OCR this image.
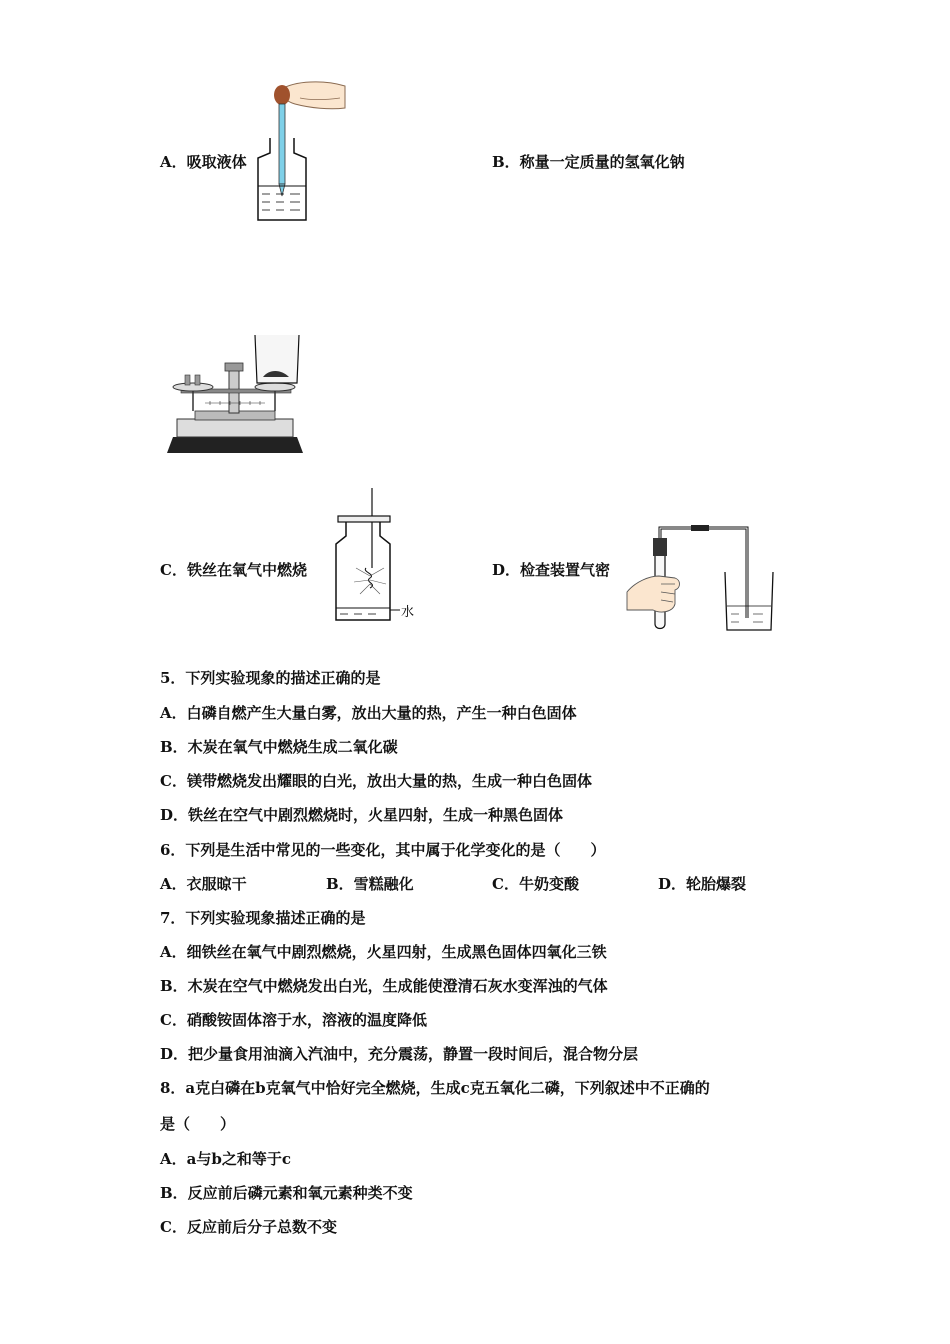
A．吸取液体	B．称量一定质量的氢氧化钠
水
C．铁丝在氧气中燃烧	D．检查装置气密
5．下列实验现象的描述正确的是
A．白磷自燃产生大量白雾，放出大量的热，产生一种白色固体
B．木炭在氧气中燃烧生成二氧化碳
C．镁带燃烧发出耀眼的白光，放出大量的热，生成一种白色固体
D．铁丝在空气中剧烈燃烧时，火星四射，生成一种黑色固体
6．下列是生活中常见的一些变化，其中属于化学变化的是（　　）
A．衣服晾干	B．雪糕融化	C．牛奶变酸	D．轮胎爆裂
7．下列实验现象描述正确的是
A．细铁丝在氧气中剧烈燃烧，火星四射，生成黑色固体四氧化三铁
B．木炭在空气中燃烧发出白光，生成能使澄清石灰水变浑浊的气体
C．硝酸铵固体溶于水，溶液的温度降低
D．把少量食用油滴入汽油中，充分震荡，静置一段时间后，混合物分层
8．a克白磷在b克氧气中恰好完全燃烧，生成c克五氧化二磷，下列叙述中不正确的
是（　　）
A．a与b之和等于c
B．反应前后磷元素和氧元素种类不变
C．反应前后分子总数不变
